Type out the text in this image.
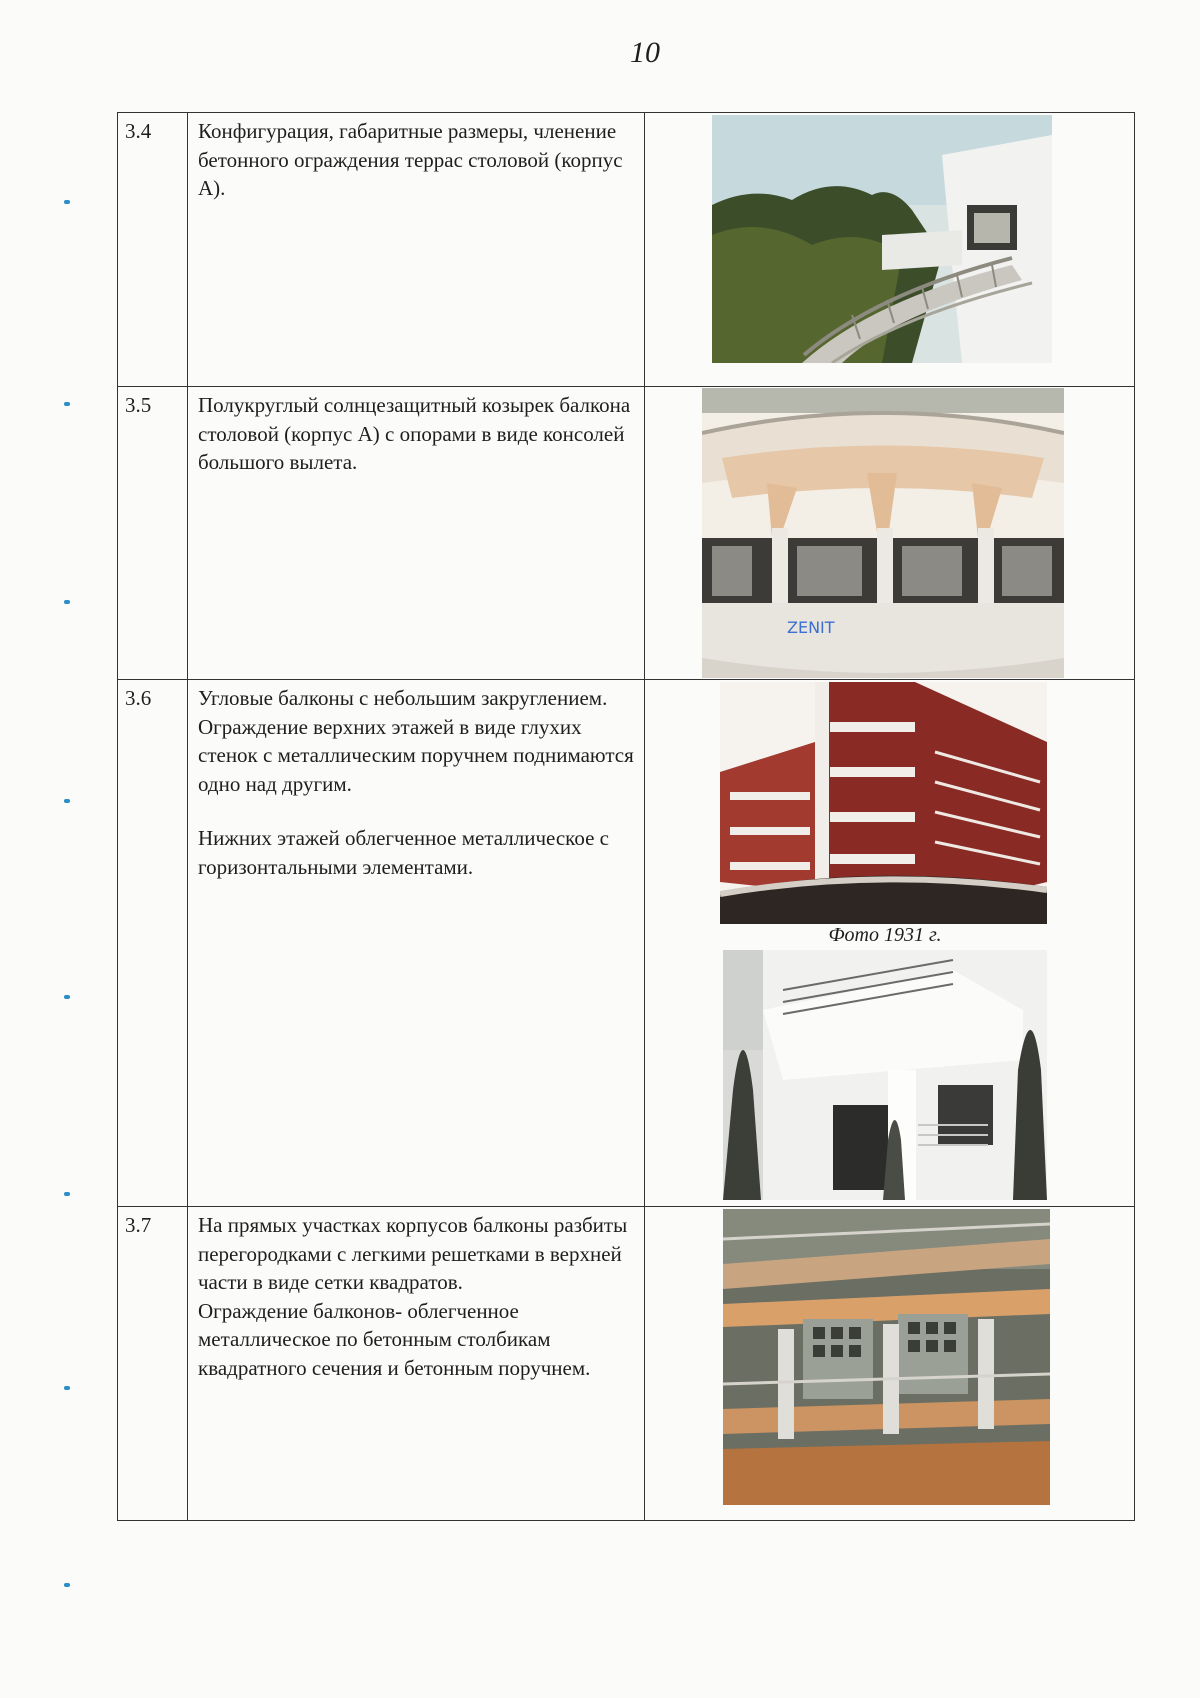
10
3.4	Конфигурация, габаритные размеры, членение бетонного ограждения террас столовой (корпус А).

3.5	Полукруглый солнцезащитный козырек балкона столовой (корпус А) с опорами в виде консолей большого вылета.	ZENIT

3.6	Угловые балконы с небольшим закруглением. Ограждение верхних этажей в виде глухих стенок с металлическим поручнем поднимаются одно над другим.

Нижних этажей облегченное металлическое с горизонтальными элементами.	Фото 1931 г.

3.7	На прямых участках корпусов балконы разбиты перегородками с легкими решетками в верхней части в виде сетки квадратов.
Ограждение балконов- облегченное металлическое по бетонным столбикам квадратного сечения и бетонным поручнем.
